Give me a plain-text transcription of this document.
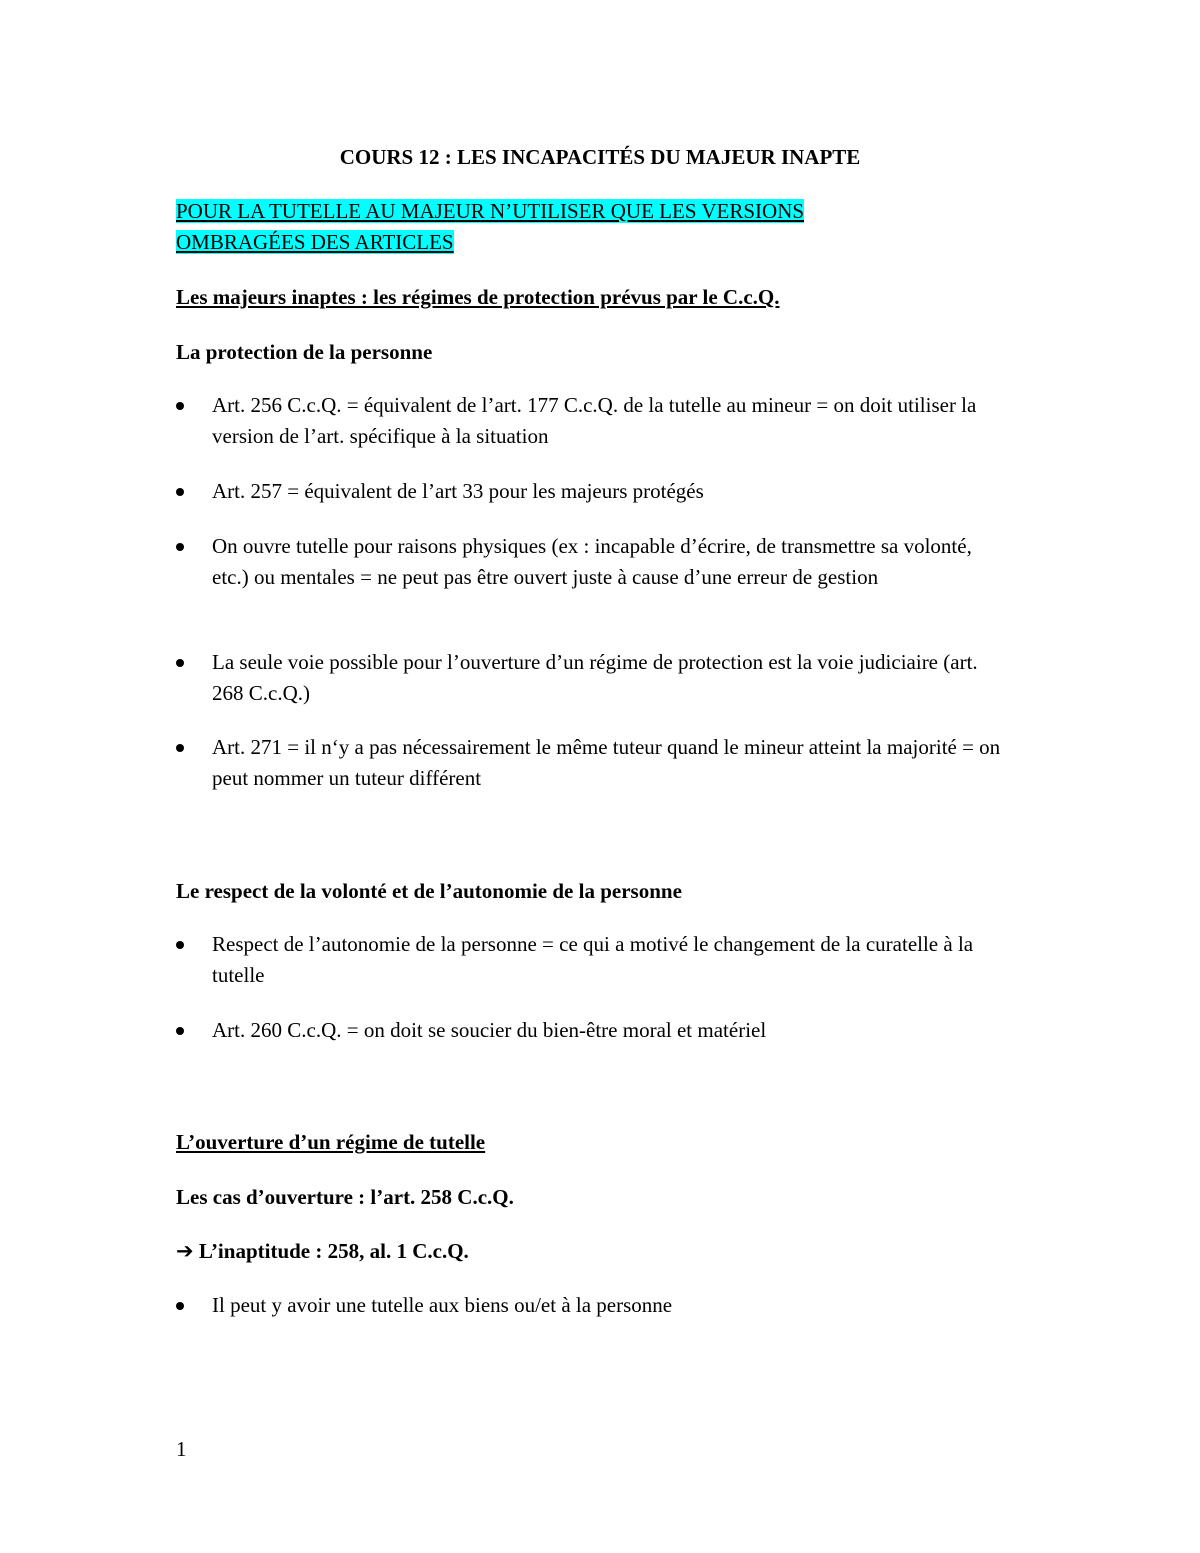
COURS 12 : LES INCAPACITÉS DU MAJEUR INAPTE
POUR LA TUTELLE AU MAJEUR N’UTILISER QUE LES VERSIONS
OMBRAGÉES DES ARTICLES
Les majeurs inaptes : les régimes de protection prévus par le C.c.Q.
La protection de la personne
Art. 256 C.c.Q. = équivalent de l’art. 177 C.c.Q. de la tutelle au mineur = on doit utiliser la version de l’art. spécifique à la situation
Art. 257 = équivalent de l’art 33 pour les majeurs protégés
On ouvre tutelle pour raisons physiques (ex : incapable d’écrire, de transmettre sa volonté, etc.) ou mentales = ne peut pas être ouvert juste à cause d’une erreur de gestion
La seule voie possible pour l’ouverture d’un régime de protection est la voie judiciaire (art. 268 C.c.Q.)
Art. 271 = il n‘y a pas nécessairement le même tuteur quand le mineur atteint la majorité = on peut nommer un tuteur différent
Le respect de la volonté et de l’autonomie de la personne
Respect de l’autonomie de la personne = ce qui a motivé le changement de la curatelle à la tutelle
Art. 260 C.c.Q. = on doit se soucier du bien-être moral et matériel
L’ouverture d’un régime de tutelle
Les cas d’ouverture : l’art. 258 C.c.Q.
➔ L’inaptitude : 258, al. 1 C.c.Q.
Il peut y avoir une tutelle aux biens ou/et à la personne
1
